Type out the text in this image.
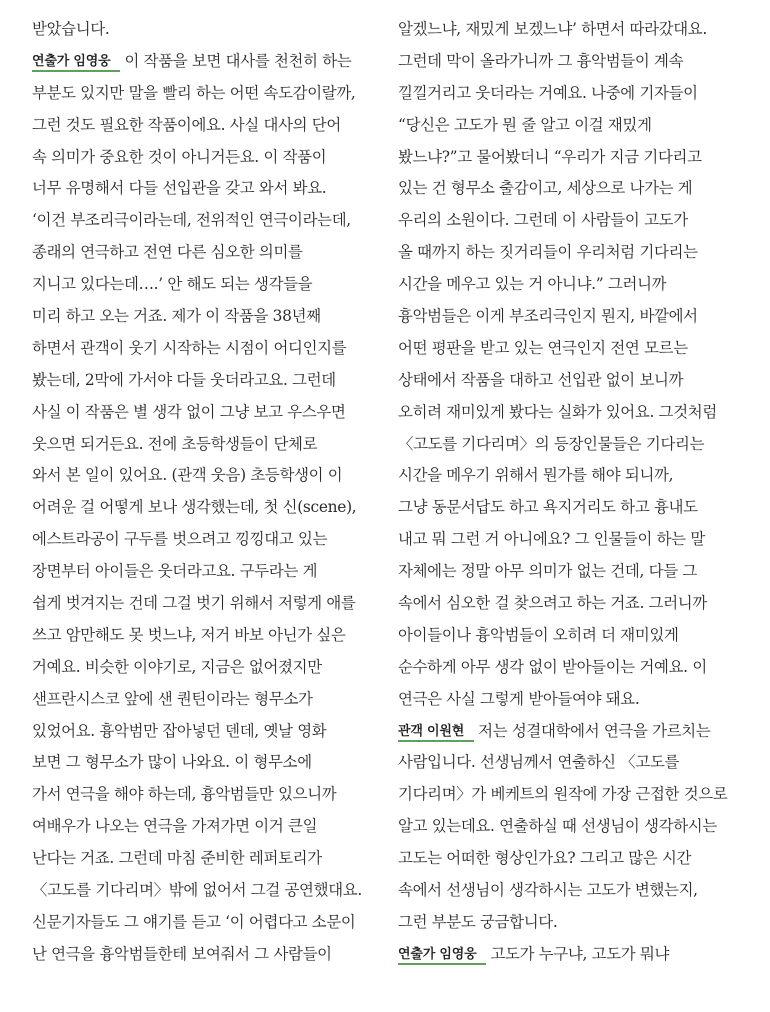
받았습니다.
연출가 임영웅 이 작품을 보면 대사를 천천히 하는
부분도 있지만 말을 빨리 하는 어떤 속도감이랄까,
그런 것도 필요한 작품이에요. 사실 대사의 단어
속 의미가 중요한 것이 아니거든요. 이 작품이
너무 유명해서 다들 선입관을 갖고 와서 봐요.
‘이건 부조리극이라는데, 전위적인 연극이라는데,
종래의 연극하고 전연 다른 심오한 의미를
지니고 있다는데….’ 안 해도 되는 생각들을
미리 하고 오는 거죠. 제가 이 작품을 38년째
하면서 관객이 웃기 시작하는 시점이 어디인지를
봤는데, 2막에 가서야 다들 웃더라고요. 그런데
사실 이 작품은 별 생각 없이 그냥 보고 우스우면
웃으면 되거든요. 전에 초등학생들이 단체로
와서 본 일이 있어요. (관객 웃음) 초등학생이 이
어려운 걸 어떻게 보나 생각했는데, 첫 신(scene),
에스트라공이 구두를 벗으려고 낑낑대고 있는
장면부터 아이들은 웃더라고요. 구두라는 게
쉽게 벗겨지는 건데 그걸 벗기 위해서 저렇게 애를
쓰고 암만해도 못 벗느냐, 저거 바보 아닌가 싶은
거예요. 비슷한 이야기로, 지금은 없어졌지만
샌프란시스코 앞에 샌 퀀틴이라는 형무소가
있었어요. 흉악범만 잡아넣던 덴데, 옛날 영화
보면 그 형무소가 많이 나와요. 이 형무소에
가서 연극을 해야 하는데, 흉악범들만 있으니까
여배우가 나오는 연극을 가져가면 이거 큰일
난다는 거죠. 그런데 마침 준비한 레퍼토리가
〈고도를 기다리며〉밖에 없어서 그걸 공연했대요.
신문기자들도 그 얘기를 듣고 ‘이 어렵다고 소문이
난 연극을 흉악범들한테 보여줘서 그 사람들이
알겠느냐, 재밌게 보겠느냐’ 하면서 따라갔대요.
그런데 막이 올라가니까 그 흉악범들이 계속
낄낄거리고 웃더라는 거예요. 나중에 기자들이
“당신은 고도가 뭔 줄 알고 이걸 재밌게
봤느냐?”고 물어봤더니 “우리가 지금 기다리고
있는 건 형무소 출감이고, 세상으로 나가는 게
우리의 소원이다. 그런데 이 사람들이 고도가
올 때까지 하는 짓거리들이 우리처럼 기다리는
시간을 메우고 있는 거 아니냐.” 그러니까
흉악범들은 이게 부조리극인지 뭔지, 바깥에서
어떤 평판을 받고 있는 연극인지 전연 모르는
상태에서 작품을 대하고 선입관 없이 보니까
오히려 재미있게 봤다는 실화가 있어요. 그것처럼
〈고도를 기다리며〉의 등장인물들은 기다리는
시간을 메우기 위해서 뭔가를 해야 되니까,
그냥 동문서답도 하고 욕지거리도 하고 흉내도
내고 뭐 그런 거 아니에요? 그 인물들이 하는 말
자체에는 정말 아무 의미가 없는 건데, 다들 그
속에서 심오한 걸 찾으려고 하는 거죠. 그러니까
아이들이나 흉악범들이 오히려 더 재미있게
순수하게 아무 생각 없이 받아들이는 거예요. 이
연극은 사실 그렇게 받아들여야 돼요.
관객 이원현 저는 성결대학에서 연극을 가르치는
사람입니다. 선생님께서 연출하신 〈고도를
기다리며〉가 베케트의 원작에 가장 근접한 것으로
알고 있는데요. 연출하실 때 선생님이 생각하시는
고도는 어떠한 형상인가요? 그리고 많은 시간
속에서 선생님이 생각하시는 고도가 변했는지,
그런 부분도 궁금합니다.
연출가 임영웅 고도가 누구냐, 고도가 뭐냐
